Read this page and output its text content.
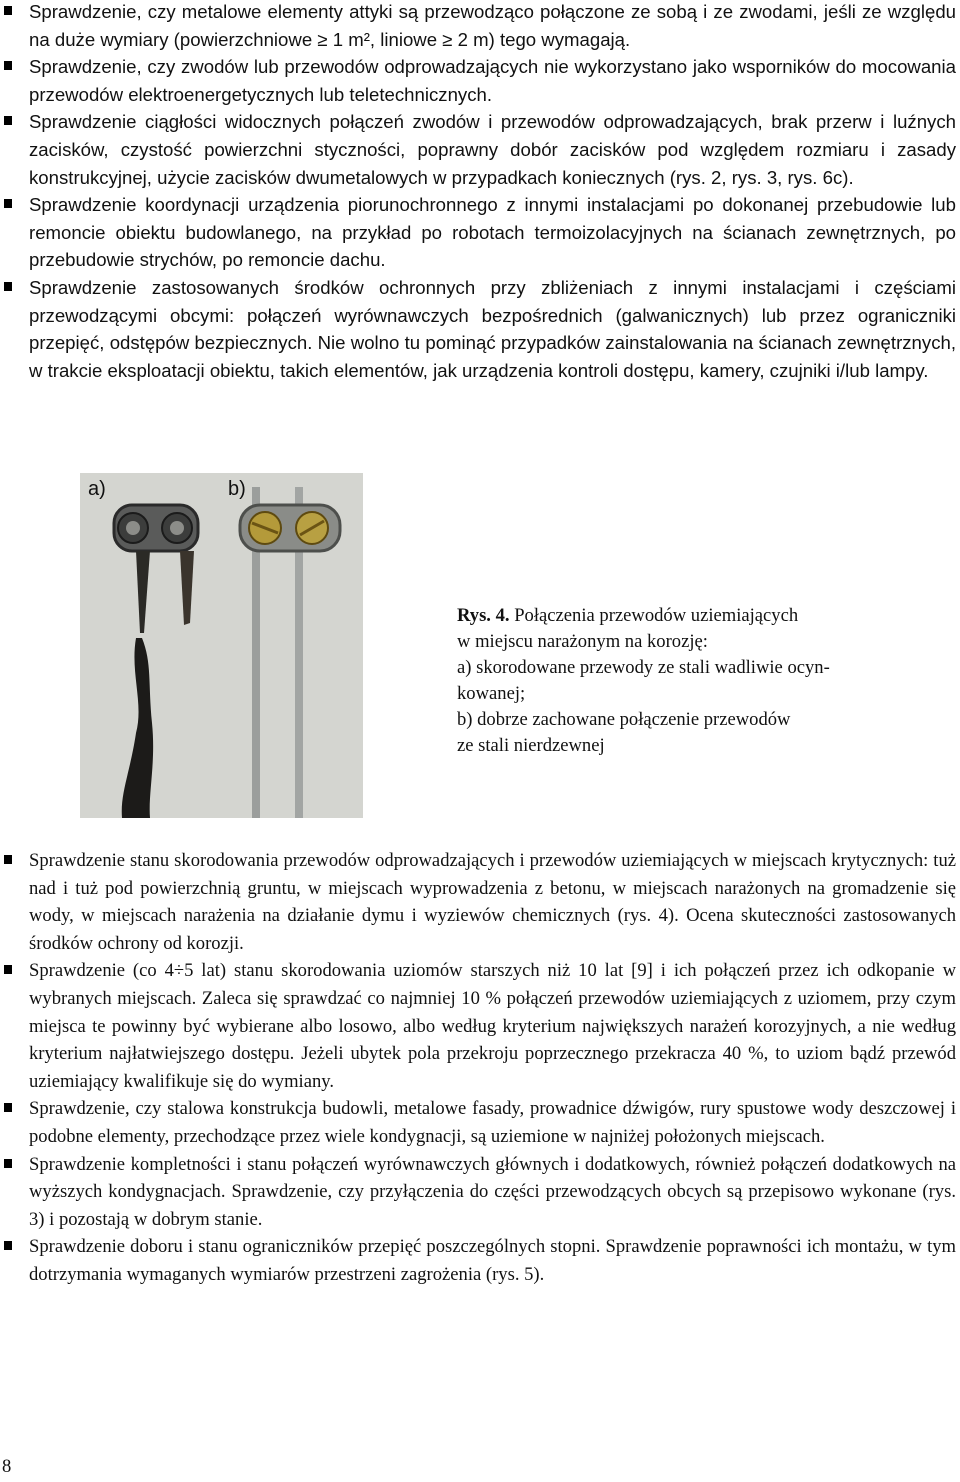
Sprawdzenie, czy metalowe elementy attyki są przewodząco połączone ze sobą i ze zwodami, jeśli ze względu na duże wymiary (powierzchniowe ≥ 1 m², liniowe ≥ 2 m) tego wymagają.
Sprawdzenie, czy zwodów lub przewodów odprowadzających nie wykorzystano jako wsporników do mocowania przewodów elektroenergetycznych lub teletechnicznych.
Sprawdzenie ciągłości widocznych połączeń zwodów i przewodów odprowadzających, brak przerw i luźnych zacisków, czystość powierzchni styczności, poprawny dobór zacisków pod względem rozmiaru i zasady konstrukcyjnej, użycie zacisków dwumetalowych w przypadkach koniecznych (rys. 2, rys. 3, rys. 6c).
Sprawdzenie koordynacji urządzenia piorunochronnego z innymi instalacjami po dokonanej przebudowie lub remoncie obiektu budowlanego, na przykład po robotach termoizolacyjnych na ścianach zewnętrznych, po przebudowie strychów, po remoncie dachu.
Sprawdzenie zastosowanych środków ochronnych przy zbliżeniach z innymi instalacjami i częściami przewodzącymi obcymi: połączeń wyrównawczych bezpośrednich (galwanicznych) lub przez ograniczniki przepięć, odstępów bezpiecznych. Nie wolno tu pominąć przypadków zainstalowania na ścianach zewnętrznych, w trakcie eksploatacji obiektu, takich elementów, jak urządzenia kontroli dostępu, kamery, czujniki i/lub lampy.
a)	b)
Rys. 4. Połączenia przewodów uziemiających
w miejscu narażonym na korozję:
a) skorodowane przewody ze stali wadliwie ocyn-
kowanej;
b) dobrze zachowane połączenie przewodów
ze stali nierdzewnej
Sprawdzenie stanu skorodowania przewodów odprowadzających i przewodów uziemiających w miejscach krytycznych: tuż nad i tuż pod powierzchnią gruntu, w miejscach wyprowadzenia z betonu, w miejscach narażonych na gromadzenie się wody, w miejscach narażenia na działanie dymu i wyziewów chemicznych (rys. 4). Ocena skuteczności zastosowanych środków ochrony od korozji.
Sprawdzenie (co 4÷5 lat) stanu skorodowania uziomów starszych niż 10 lat [9] i ich połączeń przez ich odkopanie w wybranych miejscach. Zaleca się sprawdzać co najmniej 10 % połączeń przewodów uziemiających z uziomem, przy czym miejsca te powinny być wybierane albo losowo, albo według kryterium największych narażeń korozyjnych, a nie według kryterium najłatwiejszego dostępu. Jeżeli ubytek pola przekroju poprzecznego przekracza 40 %, to uziom bądź przewód uziemiający kwalifikuje się do wymiany.
Sprawdzenie, czy stalowa konstrukcja budowli, metalowe fasady, prowadnice dźwigów, rury spustowe wody deszczowej i podobne elementy, przechodzące przez wiele kondygnacji, są uziemione w najniżej położonych miejscach.
Sprawdzenie kompletności i stanu połączeń wyrównawczych głównych i dodatkowych, również połączeń dodatkowych na wyższych kondygnacjach. Sprawdzenie, czy przyłączenia do części przewodzących obcych są przepisowo wykonane (rys. 3) i pozostają w dobrym stanie.
Sprawdzenie doboru i stanu ograniczników przepięć poszczególnych stopni. Sprawdzenie poprawności ich montażu, w tym dotrzymania wymaganych wymiarów przestrzeni zagrożenia (rys. 5).
8
